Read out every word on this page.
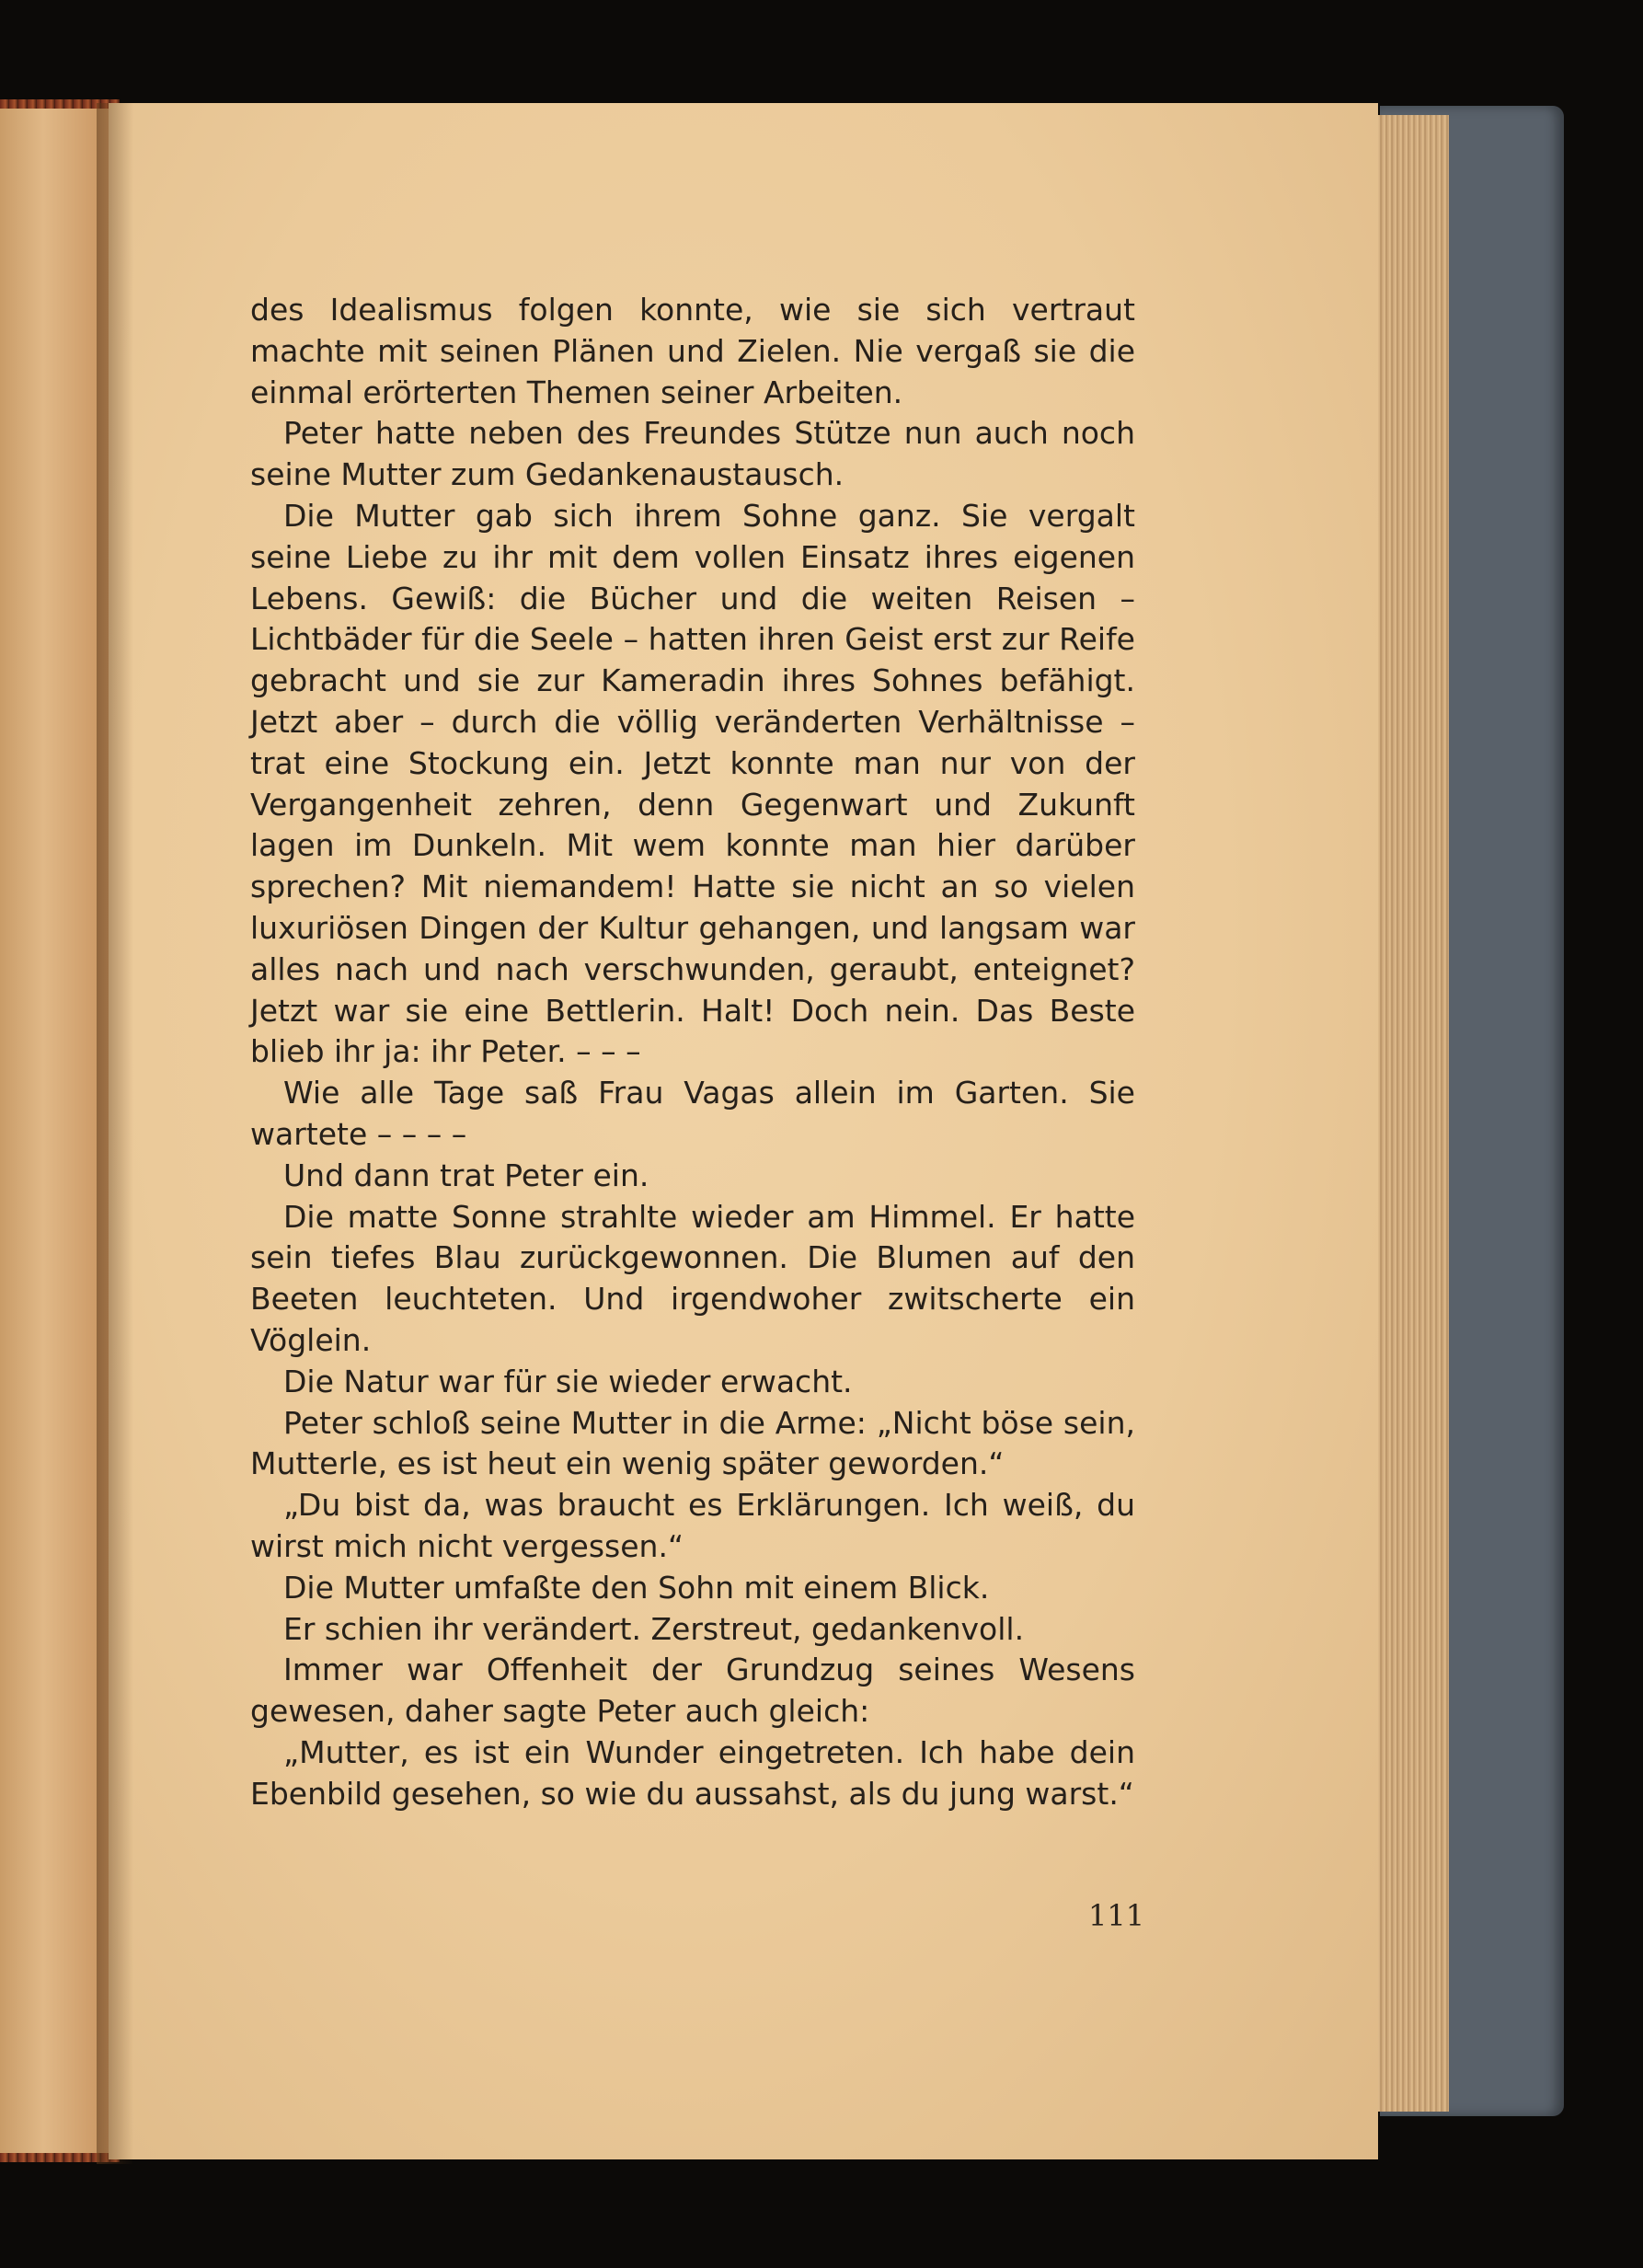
des Idealismus folgen konnte, wie sie sich vertraut machte mit seinen Plänen und Zielen. Nie vergaß sie die einmal erörterten Themen seiner Arbeiten.

Peter hatte neben des Freundes Stütze nun auch noch seine Mutter zum Gedankenaustausch.

Die Mutter gab sich ihrem Sohne ganz. Sie vergalt seine Liebe zu ihr mit dem vollen Einsatz ihres eigenen Lebens. Gewiß: die Bücher und die weiten Reisen – Lichtbäder für die Seele – hatten ihren Geist erst zur Reife gebracht und sie zur Kameradin ihres Sohnes befähigt. Jetzt aber – durch die völlig veränderten Verhältnisse – trat eine Stockung ein. Jetzt konnte man nur von der Vergangenheit zehren, denn Gegenwart und Zukunft lagen im Dunkeln. Mit wem konnte man hier darüber sprechen? Mit niemandem! Hatte sie nicht an so vielen luxuriösen Dingen der Kultur gehangen, und langsam war alles nach und nach verschwunden, geraubt, enteignet? Jetzt war sie eine Bettlerin. Halt! Doch nein. Das Beste blieb ihr ja: ihr Peter. – – –

Wie alle Tage saß Frau Vagas allein im Garten. Sie wartete – – – –

Und dann trat Peter ein.

Die matte Sonne strahlte wieder am Himmel. Er hatte sein tiefes Blau zurückgewonnen. Die Blumen auf den Beeten leuchteten. Und irgendwoher zwitscherte ein Vöglein.

Die Natur war für sie wieder erwacht.

Peter schloß seine Mutter in die Arme: „Nicht böse sein, Mutterle, es ist heut ein wenig später geworden.“

„Du bist da, was braucht es Erklärungen. Ich weiß, du wirst mich nicht vergessen.“

Die Mutter umfaßte den Sohn mit einem Blick.

Er schien ihr verändert. Zerstreut, gedankenvoll.

Immer war Offenheit der Grundzug seines Wesens gewesen, daher sagte Peter auch gleich:

„Mutter, es ist ein Wunder eingetreten. Ich habe dein Ebenbild gesehen, so wie du aussahst, als du jung warst.“

111
